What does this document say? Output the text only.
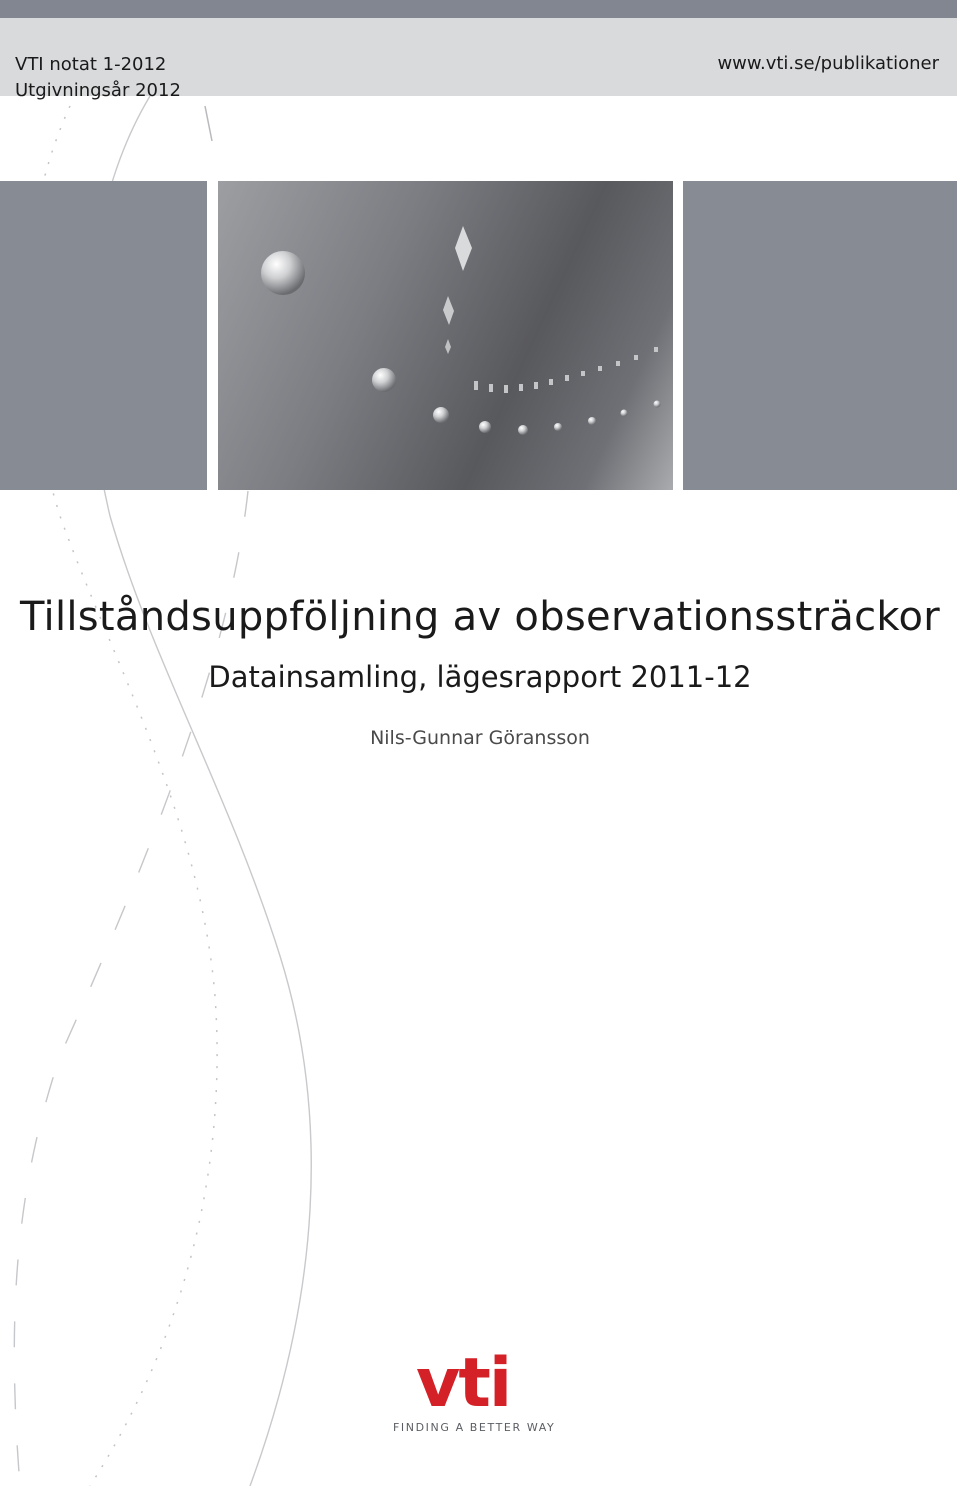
VTI notat 1-2012
Utgivningsår 2012
www.vti.se/publikationer
Tillståndsuppföljning av observationssträckor
Datainsamling, lägesrapport 2011-12
Nils-Gunnar Göransson
vti
FINDING A BETTER WAY
